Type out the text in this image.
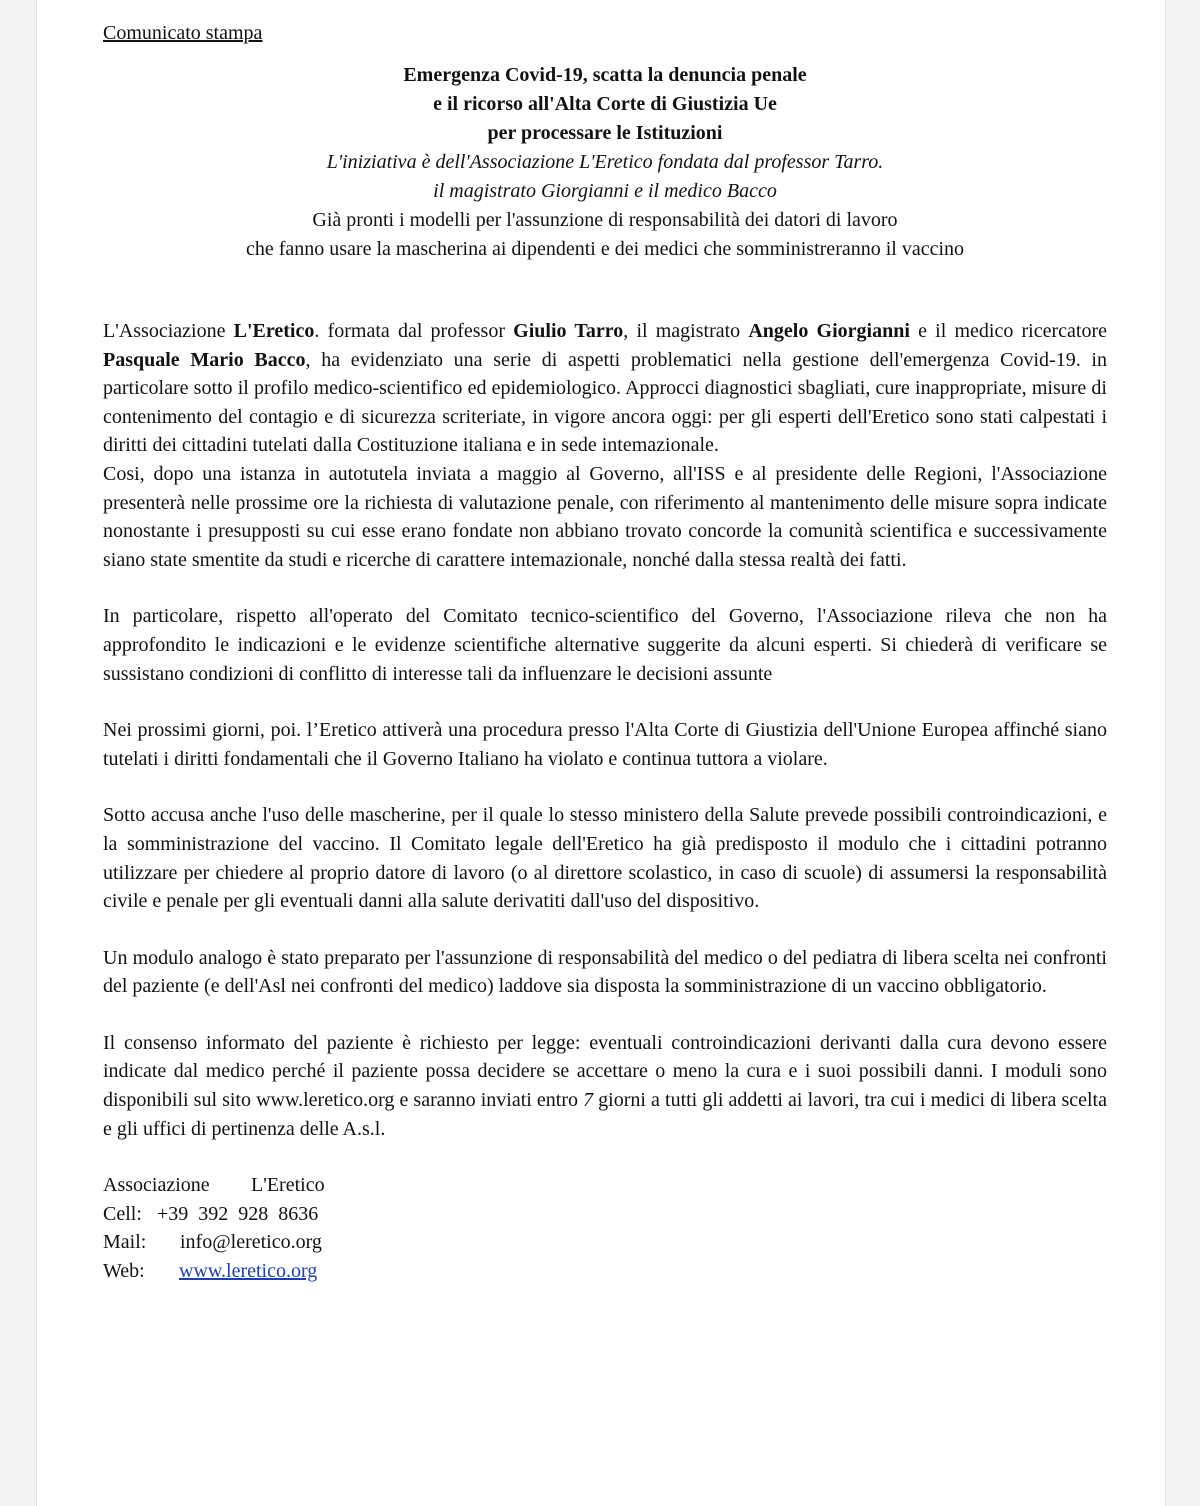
Comunicato stampa

Emergenza Covid-19, scatta la denuncia penale

e il ricorso all'Alta Corte di Giustizia Ue

per processare le Istituzioni

L'iniziativa è dell'Associazione L'Eretico fondata dal professor Tarro.

il magistrato Giorgianni e il medico Bacco

Già pronti i modelli per l'assunzione di responsabilità dei datori di lavoro

che fanno usare la mascherina ai dipendenti e dei medici che somministreranno il vaccino

L'Associazione L'Eretico. formata dal professor Giulio Tarro, il magistrato Angelo Giorgianni e il medico ricercatore Pasquale Mario Bacco, ha evidenziato una serie di aspetti problematici nella gestione dell'emergenza Covid-19. in particolare sotto il profilo medico-scientifico ed epidemiologico. Approcci diagnostici sbagliati, cure inappropriate, misure di contenimento del contagio e di sicurezza scriteriate, in vigore ancora oggi: per gli esperti dell'Eretico sono stati calpestati i diritti dei cittadini tutelati dalla Costituzione italiana e in sede intemazionale.

Cosi, dopo una istanza in autotutela inviata a maggio al Governo, all'ISS e al presidente delle Regioni, l'Associazione presenterà nelle prossime ore la richiesta di valutazione penale, con riferimento al mantenimento delle misure sopra indicate nonostante i presupposti su cui esse erano fondate non abbiano trovato concorde la comunità scientifica e successivamente siano state smentite da studi e ricerche di carattere intemazionale, nonché dalla stessa realtà dei fatti.

In particolare, rispetto all'operato del Comitato tecnico-scientifico del Governo, l'Associazione rileva che non ha approfondito le indicazioni e le evidenze scientifiche alternative suggerite da alcuni esperti. Si chiederà di verificare se sussistano condizioni di conflitto di interesse tali da influenzare le decisioni assunte

Nei prossimi giorni, poi. l’Eretico attiverà una procedura presso l'Alta Corte di Giustizia dell'Unione Europea affinché siano tutelati i diritti fondamentali che il Governo Italiano ha violato e continua tuttora a violare.

Sotto accusa anche l'uso delle mascherine, per il quale lo stesso ministero della Salute prevede possibili controindicazioni, e la somministrazione del vaccino. Il Comitato legale dell'Eretico ha già predisposto il modulo che i cittadini potranno utilizzare per chiedere al proprio datore di lavoro (o al direttore scolastico, in caso di scuole) di assumersi la responsabilità civile e penale per gli eventuali danni alla salute derivatiti dall'uso del dispositivo.

Un modulo analogo è stato preparato per l'assunzione di responsabilità del medico o del pediatra di libera scelta nei confronti del paziente (e dell'Asl nei confronti del medico) laddove sia disposta la somministrazione di un vaccino obbligatorio.

Il consenso informato del paziente è richiesto per legge: eventuali controindicazioni derivanti dalla cura devono essere indicate dal medico perché il paziente possa decidere se accettare o meno la cura e i suoi possibili danni. I moduli sono disponibili sul sito www.leretico.org e saranno inviati entro 7 giorni a tutti gli addetti ai lavori, tra cui i medici di libera scelta e gli uffici di pertinenza delle A.s.l.

Associazione L'Eretico
Cell: +39  392  928  8636
Mail: info@leretico.org
Web: www.leretico.org
